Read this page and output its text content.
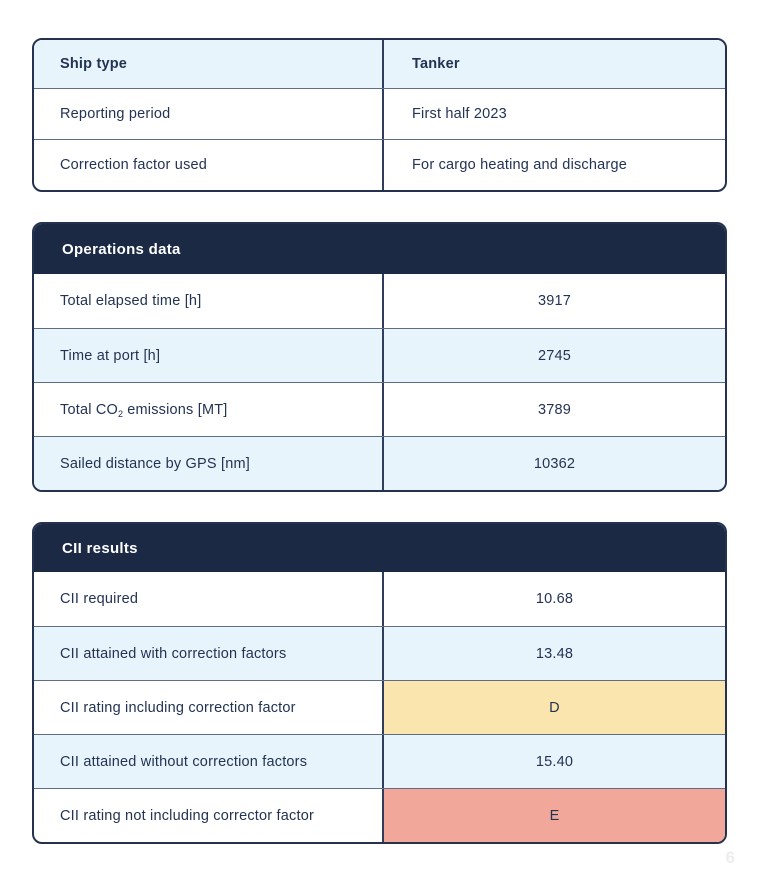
Ship type	Tanker
Reporting period	First half 2023
Correction factor used	For cargo heating and discharge
Operations data
Total elapsed time [h]	3917
Time at port [h]	2745
Total $CO_2$ emissions [MT]	3789
Sailed distance by GPS [nm]	10362
CII results
CII required	10.68
CII attained with correction factors	13.48
CII rating including correction factor	D
CII attained without correction factors	15.40
CII rating not including corrector factor	E
6
